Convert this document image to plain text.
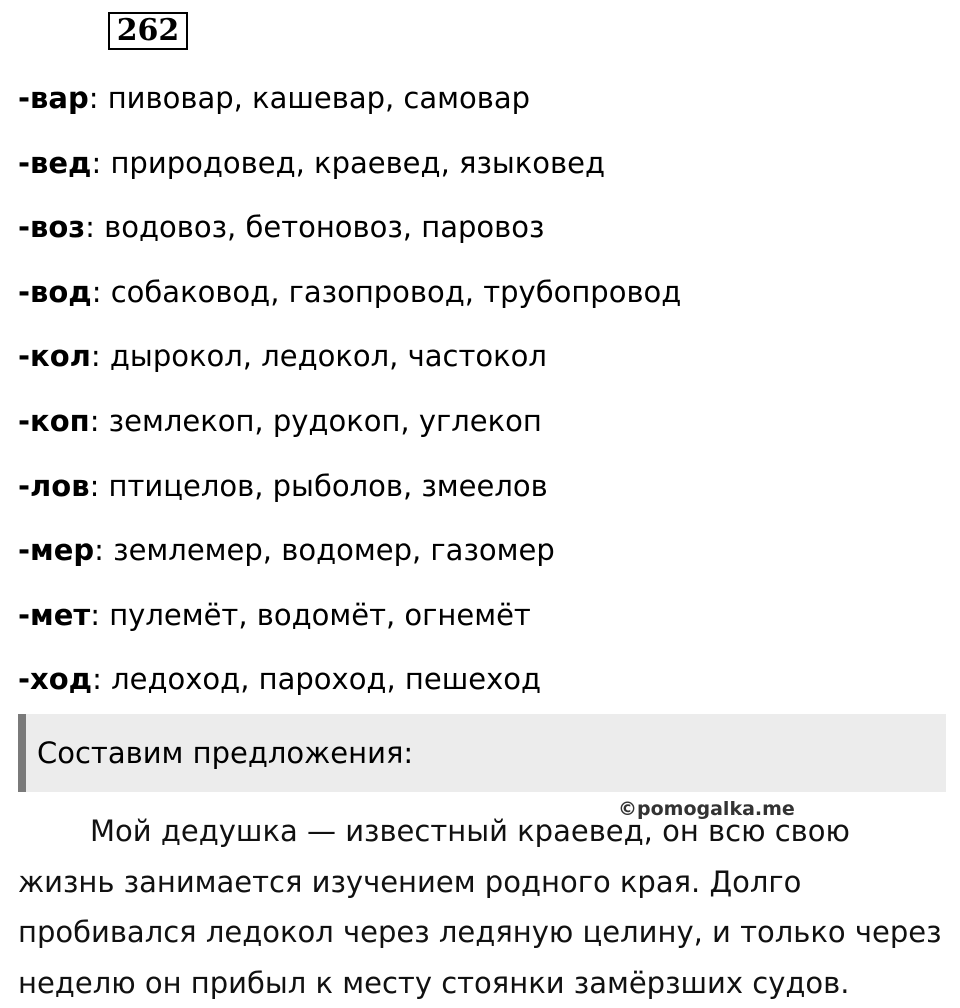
262
-вар: пивовар, кашевар, самовар
-вед: природовед, краевед, языковед
-воз: водовоз, бетоновоз, паровоз
-вод: собаковод, газопровод, трубопровод
-кол: дырокол, ледокол, частокол
-коп: землекоп, рудокоп, углекоп
-лов: птицелов, рыболов, змеелов
-мер: землемер, водомер, газомер
-мет: пулемёт, водомёт, огнемёт
-ход: ледоход, пароход, пешеход
Составим предложения:
©pomogalka.me

Мой дедушка — известный краевед, он всю свою жизнь занимается изучением родного края. Долго пробивался ледокол через ледяную целину, и только через неделю он прибыл к месту стоянки замёрзших судов.
